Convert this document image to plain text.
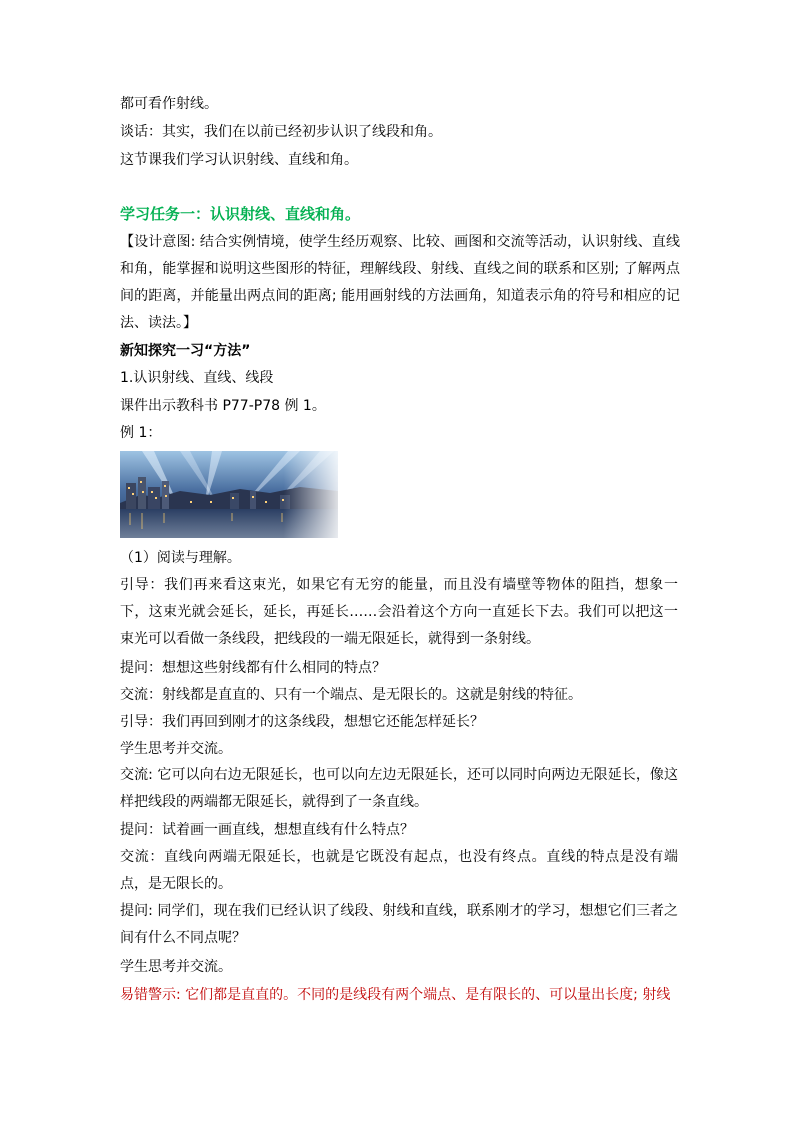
都可看作射线。
谈话：其实，我们在以前已经初步认识了线段和角。
这节课我们学习认识射线、直线和角。
学习任务一：认识射线、直线和角。
【设计意图: 结合实例情境，使学生经历观察、比较、画图和交流等活动，认识射线、直线和角，能掌握和说明这些图形的特征，理解线段、射线、直线之间的联系和区别; 了解两点间的距离，并能量出两点间的距离; 能用画射线的方法画角，知道表示角的符号和相应的记法、读法。】
新知探究一习“方法”
1.认识射线、直线、线段
课件出示教科书 P77-P78 例 1。
例 1：
（1）阅读与理解。
引导：我们再来看这束光，如果它有无穷的能量，而且没有墙壁等物体的阻挡，想象一下，这束光就会延长，延长，再延长……会沿着这个方向一直延长下去。我们可以把这一束光可以看做一条线段，把线段的一端无限延长，就得到一条射线。
提问：想想这些射线都有什么相同的特点？
交流：射线都是直直的、只有一个端点、是无限长的。这就是射线的特征。
引导：我们再回到刚才的这条线段，想想它还能怎样延长？
学生思考并交流。
交流: 它可以向右边无限延长，也可以向左边无限延长，还可以同时向两边无限延长，像这样把线段的两端都无限延长，就得到了一条直线。
提问：试着画一画直线，想想直线有什么特点？
交流：直线向两端无限延长，也就是它既没有起点，也没有终点。直线的特点是没有端点，是无限长的。
提问: 同学们，现在我们已经认识了线段、射线和直线，联系刚才的学习，想想它们三者之间有什么不同点呢？
学生思考并交流。
易错警示: 它们都是直直的。不同的是线段有两个端点、是有限长的、可以量出长度; 射线
